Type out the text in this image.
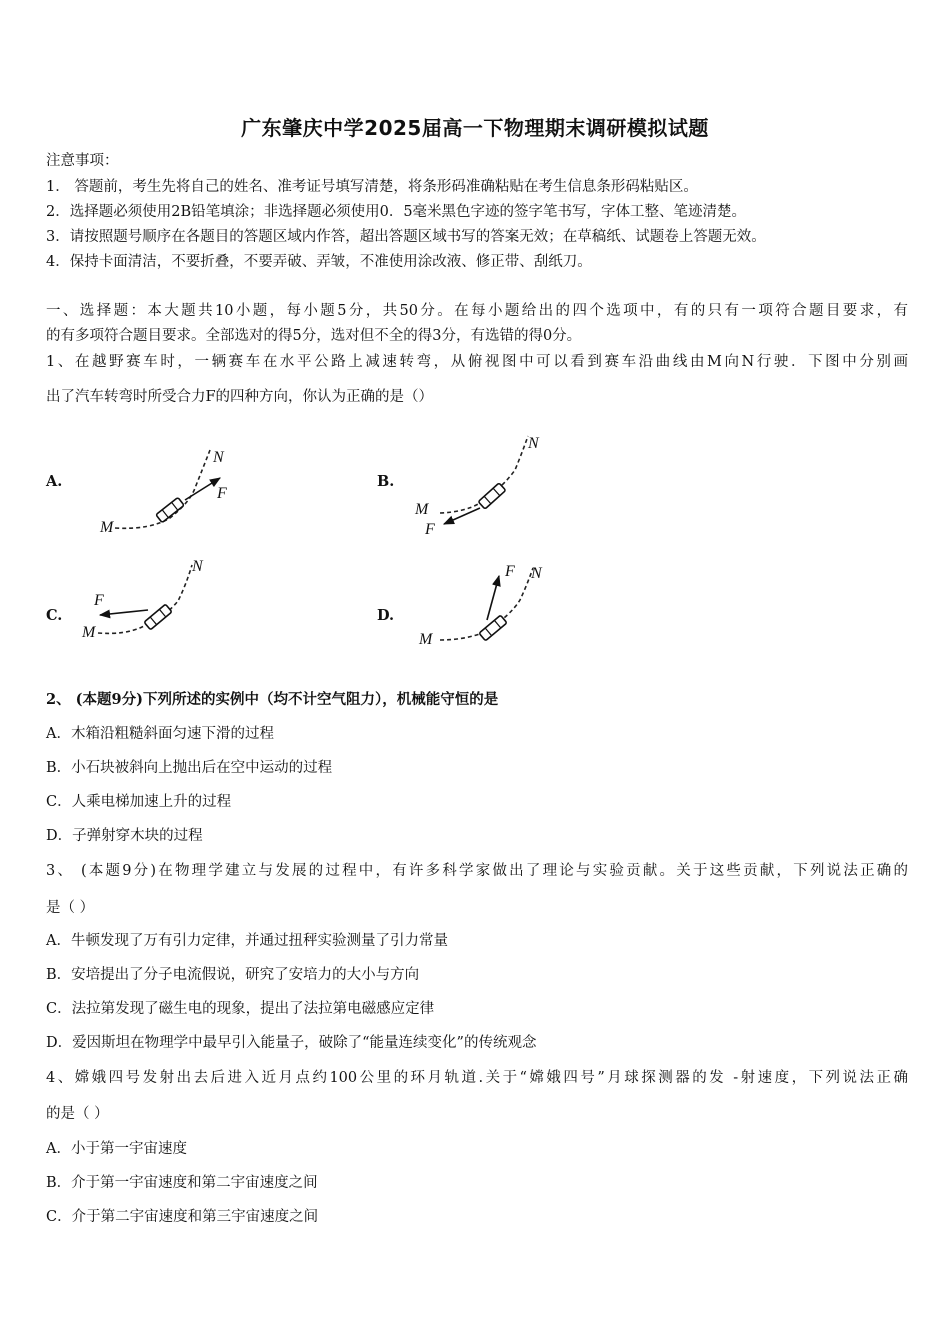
广东肇庆中学2025届高一下物理期末调研模拟试题
注意事项：
1． 答题前，考生先将自己的姓名、准考证号填写清楚，将条形码准确粘贴在考生信息条形码粘贴区。
2．选择题必须使用2B铅笔填涂；非选择题必须使用0．5毫米黑色字迹的签字笔书写，字体工整、笔迹清楚。
3．请按照题号顺序在各题目的答题区域内作答，超出答题区域书写的答案无效；在草稿纸、试题卷上答题无效。
4．保持卡面清洁，不要折叠，不要弄破、弄皱，不准使用涂改液、修正带、刮纸刀。
一、选择题：本大题共10小题，每小题5分，共50分。在每小题给出的四个选项中，有的只有一项符合题目要求，有
的有多项符合题目要求。全部选对的得5分，选对但不全的得3分，有选错的得0分。
1、在越野赛车时，一辆赛车在水平公路上减速转弯，从俯视图中可以看到赛车沿曲线由M向N行驶．下图中分别画
出了汽车转弯时所受合力F的四种方向，你认为正确的是（）
A.
M
N
F
B.
M
N
F
C.
M
N
F
D.
M
N
F
2、 (本题9分)下列所述的实例中（均不计空气阻力），机械能守恒的是
A．木箱沿粗糙斜面匀速下滑的过程
B．小石块被斜向上抛出后在空中运动的过程
C．人乘电梯加速上升的过程
D．子弹射穿木块的过程
3、 (本题9分)在物理学建立与发展的过程中，有许多科学家做出了理论与实验贡献。关于这些贡献，下列说法正确的
是（ ）
A．牛顿发现了万有引力定律，并通过扭秤实验测量了引力常量
B．安培提出了分子电流假说，研究了安培力的大小与方向
C．法拉第发现了磁生电的现象，提出了法拉第电磁感应定律
D．爱因斯坦在物理学中最早引入能量子，破除了“能量连续变化”的传统观念
4、嫦娥四号发射出去后进入近月点约100公里的环月轨道.关于“嫦娥四号”月球探测器的发 -射速度，下列说法正确
的是（ ）
A．小于第一宇宙速度
B．介于第一宇宙速度和第二宇宙速度之间
C．介于第二宇宙速度和第三宇宙速度之间
